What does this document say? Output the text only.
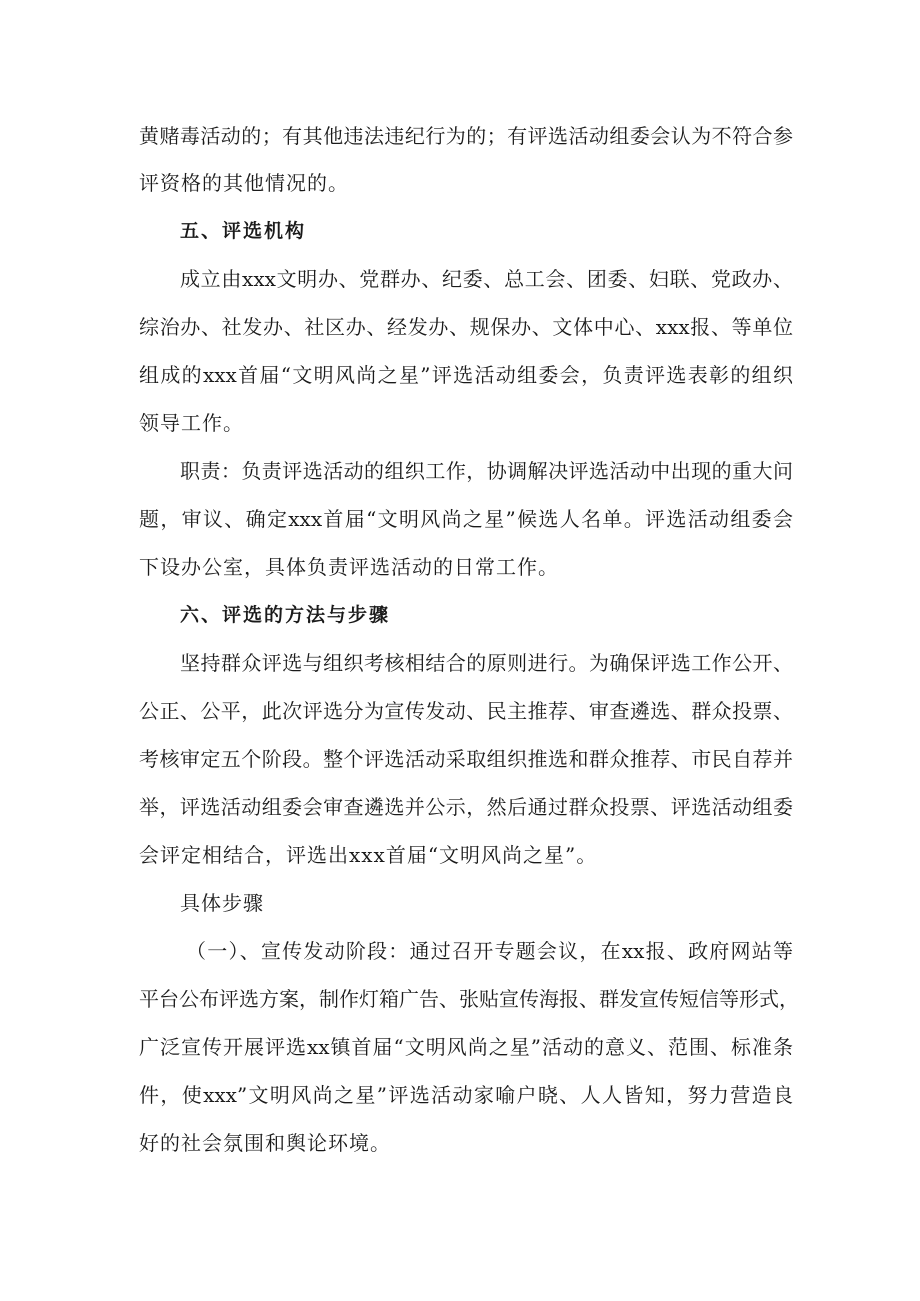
黄赌毒活动的；有其他违法违纪行为的；有评选活动组委会认为不符合参
评资格的其他情况的。
五、评选机构
成立由xxx文明办、党群办、纪委、总工会、团委、妇联、党政办、
综治办、社发办、社区办、经发办、规保办、文体中心、xxx报、等单位
组成的xxx首届“文明风尚之星”评选活动组委会，负责评选表彰的组织
领导工作。
职责：负责评选活动的组织工作，协调解决评选活动中出现的重大问
题，审议、确定xxx首届“文明风尚之星”候选人名单。评选活动组委会
下设办公室，具体负责评选活动的日常工作。
六、评选的方法与步骤
坚持群众评选与组织考核相结合的原则进行。为确保评选工作公开、
公正、公平，此次评选分为宣传发动、民主推荐、审查遴选、群众投票、
考核审定五个阶段。整个评选活动采取组织推选和群众推荐、市民自荐并
举，评选活动组委会审查遴选并公示，然后通过群众投票、评选活动组委
会评定相结合，评选出xxx首届“文明风尚之星”。
具体步骤
（一）、宣传发动阶段：通过召开专题会议，在xx报、政府网站等
平台公布评选方案，制作灯箱广告、张贴宣传海报、群发宣传短信等形式，
广泛宣传开展评选xx镇首届“文明风尚之星”活动的意义、范围、标准条
件，使xxx”文明风尚之星”评选活动家喻户晓、人人皆知，努力营造良
好的社会氛围和舆论环境。
